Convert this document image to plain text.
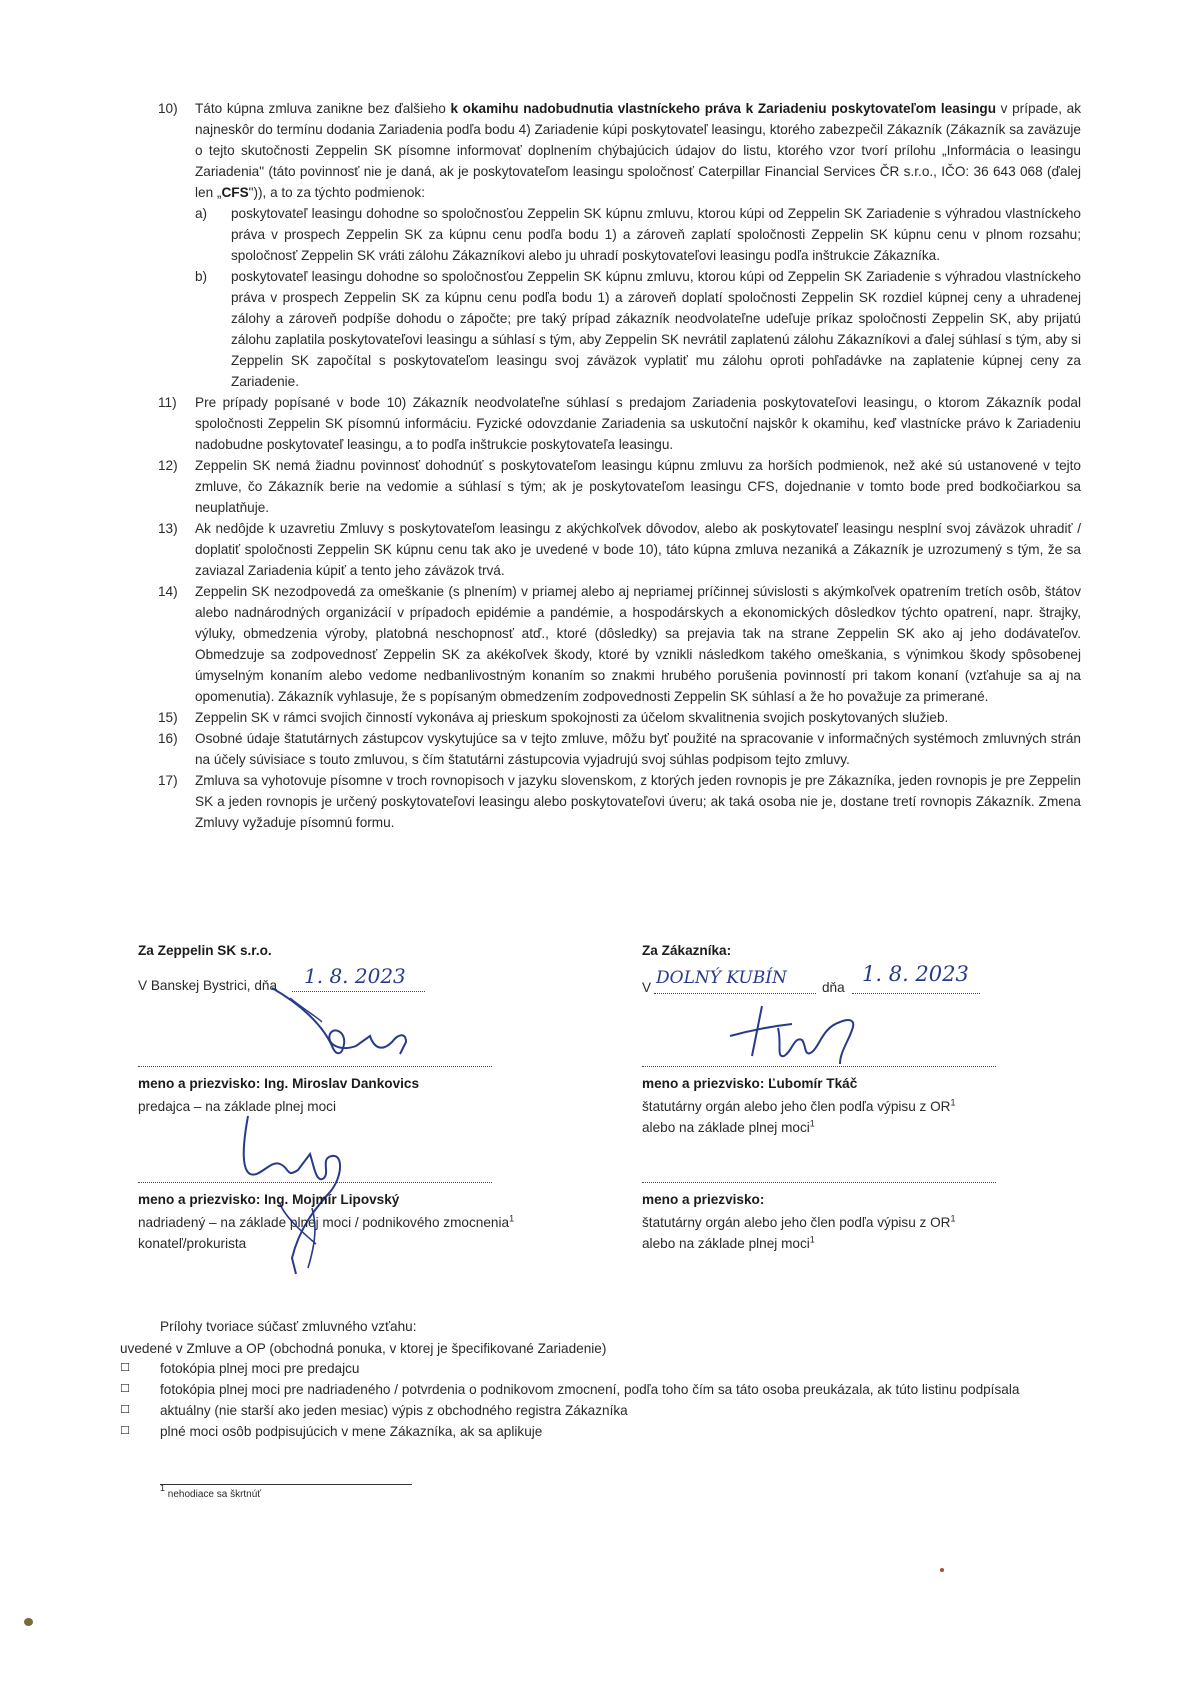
10)	Táto kúpna zmluva zanikne bez ďalšieho k okamihu nadobudnutia vlastníckeho práva k Zariadeniu poskytovateľom leasingu v prípade, ak najneskôr do termínu dodania Zariadenia podľa bodu 4) Zariadenie kúpi poskytovateľ leasingu, ktorého zabezpečil Zákazník (Zákazník sa zaväzuje o tejto skutočnosti Zeppelin SK písomne informovať doplnením chýbajúcich údajov do listu, ktorého vzor tvorí prílohu „Informácia o leasingu Zariadenia" (táto povinnosť nie je daná, ak je poskytovateľom leasingu spoločnosť Caterpillar Financial Services ČR s.r.o., IČO: 36 643 068 (ďalej len „CFS")), a to za týchto podmienok:
a)	poskytovateľ leasingu dohodne so spoločnosťou Zeppelin SK kúpnu zmluvu, ktorou kúpi od Zeppelin SK Zariadenie s výhradou vlastníckeho práva v prospech Zeppelin SK za kúpnu cenu podľa bodu 1) a zároveň zaplatí spoločnosti Zeppelin SK kúpnu cenu v plnom rozsahu; spoločnosť Zeppelin SK vráti zálohu Zákazníkovi alebo ju uhradí poskytovateľovi leasingu podľa inštrukcie Zákazníka.
b)	poskytovateľ leasingu dohodne so spoločnosťou Zeppelin SK kúpnu zmluvu, ktorou kúpi od Zeppelin SK Zariadenie s výhradou vlastníckeho práva v prospech Zeppelin SK za kúpnu cenu podľa bodu 1) a zároveň doplatí spoločnosti Zeppelin SK rozdiel kúpnej ceny a uhradenej zálohy a zároveň podpíše dohodu o zápočte; pre taký prípad zákazník neodvolateľne udeľuje príkaz spoločnosti Zeppelin SK, aby prijatú zálohu zaplatila poskytovateľovi leasingu a súhlasí s tým, aby Zeppelin SK nevrátil zaplatenú zálohu Zákazníkovi a ďalej súhlasí s tým, aby si Zeppelin SK započítal s poskytovateľom leasingu svoj záväzok vyplatiť mu zálohu oproti pohľadávke na zaplatenie kúpnej ceny za Zariadenie.
11)	Pre prípady popísané v bode 10) Zákazník neodvolateľne súhlasí s predajom Zariadenia poskytovateľovi leasingu, o ktorom Zákazník podal spoločnosti Zeppelin SK písomnú informáciu. Fyzické odovzdanie Zariadenia sa uskutoční najskôr k okamihu, keď vlastnícke právo k Zariadeniu nadobudne poskytovateľ leasingu, a to podľa inštrukcie poskytovateľa leasingu.
12)	Zeppelin SK nemá žiadnu povinnosť dohodnúť s poskytovateľom leasingu kúpnu zmluvu za horších podmienok, než aké sú ustanovené v tejto zmluve, čo Zákazník berie na vedomie a súhlasí s tým; ak je poskytovateľom leasingu CFS, dojednanie v tomto bode pred bodkočiarkou sa neuplatňuje.
13)	Ak nedôjde k uzavretiu Zmluvy s poskytovateľom leasingu z akýchkoľvek dôvodov, alebo ak poskytovateľ leasingu nesplní svoj záväzok uhradiť / doplatiť spoločnosti Zeppelin SK kúpnu cenu tak ako je uvedené v bode 10), táto kúpna zmluva nezaniká a Zákazník je uzrozumený s tým, že sa zaviazal Zariadenia kúpiť a tento jeho záväzok trvá.
14)	Zeppelin SK nezodpovedá za omeškanie (s plnením) v priamej alebo aj nepriamej príčinnej súvislosti s akýmkoľvek opatrením tretích osôb, štátov alebo nadnárodných organizácií v prípadoch epidémie a pandémie, a hospodárskych a ekonomických dôsledkov týchto opatrení, napr. štrajky, výluky, obmedzenia výroby, platobná neschopnosť atď., ktoré (dôsledky) sa prejavia tak na strane Zeppelin SK ako aj jeho dodávateľov. Obmedzuje sa zodpovednosť Zeppelin SK za akékoľvek škody, ktoré by vznikli následkom takého omeškania, s výnimkou škody spôsobenej úmyselným konaním alebo vedome nedbanlivostným konaním so znakmi hrubého porušenia povinností pri takom konaní (vzťahuje sa aj na opomenutia). Zákazník vyhlasuje, že s popísaným obmedzením zodpovednosti Zeppelin SK súhlasí a že ho považuje za primerané.
15)	Zeppelin SK v rámci svojich činností vykonáva aj prieskum spokojnosti za účelom skvalitnenia svojich poskytovaných služieb.
16)	Osobné údaje štatutárnych zástupcov vyskytujúce sa v tejto zmluve, môžu byť použité na spracovanie v informačných systémoch zmluvných strán na účely súvisiace s touto zmluvou, s čím štatutárni zástupcovia vyjadrujú svoj súhlas podpisom tejto zmluvy.
17)	Zmluva sa vyhotovuje písomne v troch rovnopisoch v jazyku slovenskom, z ktorých jeden rovnopis je pre Zákazníka, jeden rovnopis je pre Zeppelin SK a jeden rovnopis je určený poskytovateľovi leasingu alebo poskytovateľovi úveru; ak taká osoba nie je, dostane tretí rovnopis Zákazník. Zmena Zmluvy vyžaduje písomnú formu.
Za Zeppelin SK s.r.o.
V Banskej Bystrici, dňa 1. 8. 2023
meno a priezvisko: Ing. Miroslav Dankovics
predajca – na základe plnej moci
meno a priezvisko: Ing. Mojmír Lipovský
nadriadený – na základe plnej moci / podnikového zmocnenia$^1$
konateľ/prokurista
Za Zákazníka:
V DOLNÝ KUBÍN	dňa
1. 8. 2023
meno a priezvisko: Ľubomír Tkáč
štatutárny orgán alebo jeho člen podľa výpisu z $OR^1$
alebo na základe plnej moci$^1$
meno a priezvisko:
štatutárny orgán alebo jeho člen podľa výpisu z $OR^1$
alebo na základe plnej moci$^1$
Prílohy tvoriace súčasť zmluvného vzťahu:
uvedené v Zmluve a OP (obchodná ponuka, v ktorej je špecifikované Zariadenie)
☐	fotokópia plnej moci pre predajcu
☐	fotokópia plnej moci pre nadriadeného / potvrdenia o podnikovom zmocnení, podľa toho čím sa táto osoba preukázala, ak túto listinu podpísala
☐	aktuálny (nie starší ako jeden mesiac) výpis z obchodného registra Zákazníka
☐	plné moci osôb podpisujúcich v mene Zákazníka, ak sa aplikuje
$^1$ nehodiace sa škrtnúť
